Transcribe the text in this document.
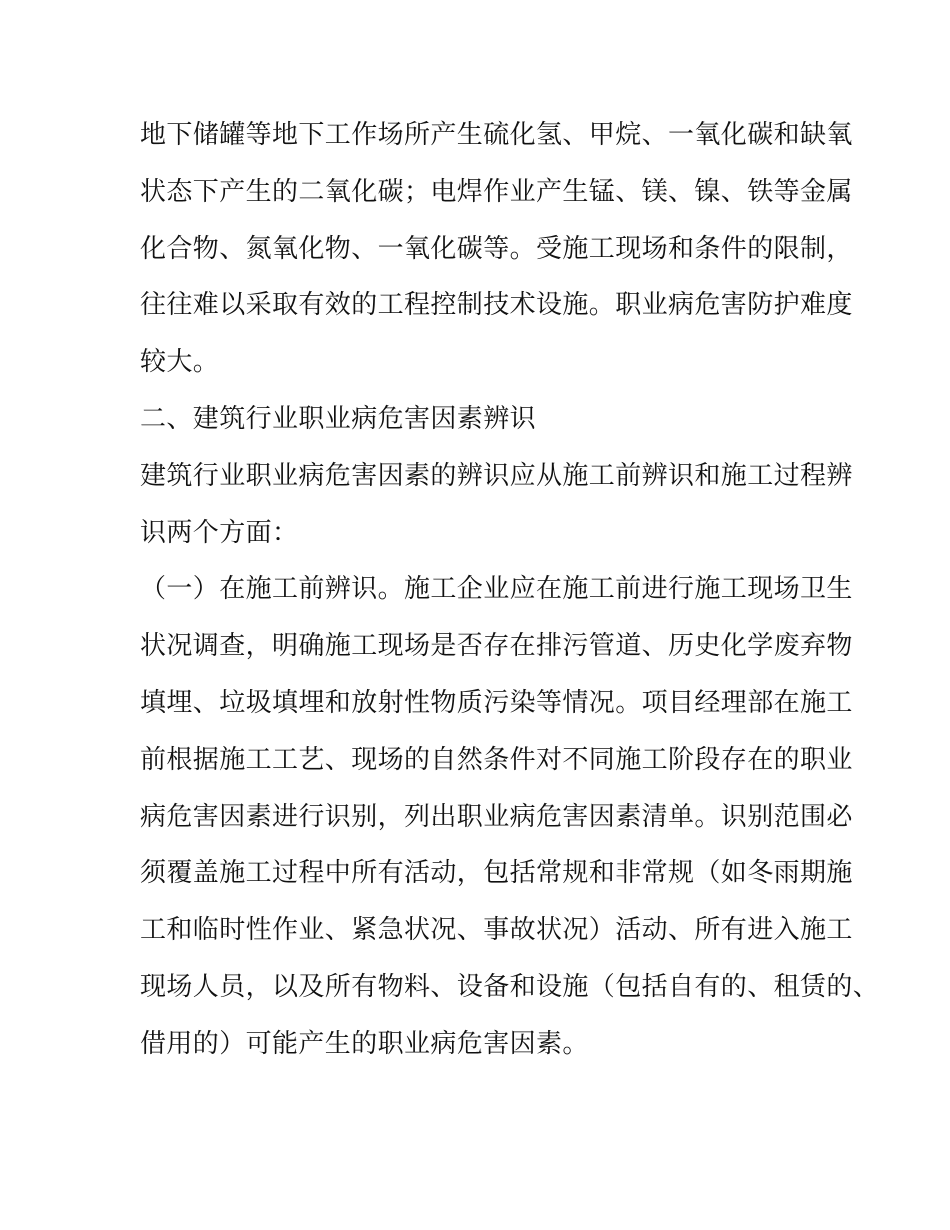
地下储罐等地下工作场所产生硫化氢、甲烷、一氧化碳和缺氧
状态下产生的二氧化碳；电焊作业产生锰、镁、镍、铁等金属
化合物、氮氧化物、一氧化碳等。受施工现场和条件的限制，
往往难以采取有效的工程控制技术设施。职业病危害防护难度
较大。
二、建筑行业职业病危害因素辨识
建筑行业职业病危害因素的辨识应从施工前辨识和施工过程辨
识两个方面：
（一）在施工前辨识。施工企业应在施工前进行施工现场卫生
状况调查，明确施工现场是否存在排污管道、历史化学废弃物
填埋、垃圾填埋和放射性物质污染等情况。项目经理部在施工
前根据施工工艺、现场的自然条件对不同施工阶段存在的职业
病危害因素进行识别，列出职业病危害因素清单。识别范围必
须覆盖施工过程中所有活动，包括常规和非常规（如冬雨期施
工和临时性作业、紧急状况、事故状况）活动、所有进入施工
现场人员，以及所有物料、设备和设施（包括自有的、租赁的、
借用的）可能产生的职业病危害因素。
